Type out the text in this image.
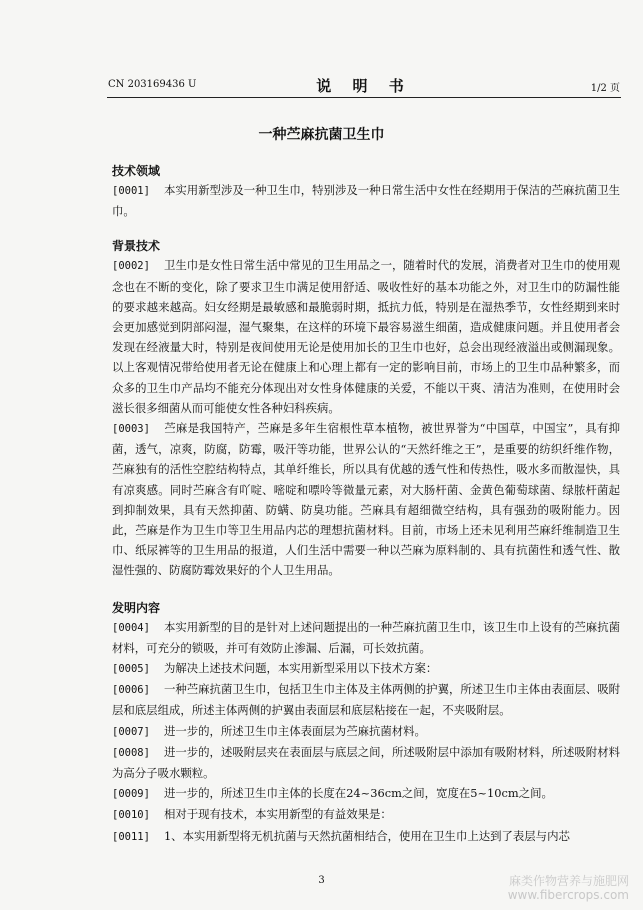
CN 203169436 U	说 明 书	1/2 页
一种苎麻抗菌卫生巾
技术领域

[0001] 本实用新型涉及一种卫生巾，特别涉及一种日常生活中女性在经期用于保洁的苎麻抗菌卫生巾。

背景技术

[0002] 卫生巾是女性日常生活中常见的卫生用品之一，随着时代的发展，消费者对卫生巾的使用观念也在不断的变化，除了要求卫生巾满足使用舒适、吸收性好的基本功能之外，对卫生巾的防漏性能的要求越来越高。妇女经期是最敏感和最脆弱时期，抵抗力低，特别是在湿热季节，女性经期到来时会更加感觉到阴部闷湿，湿气聚集，在这样的环境下最容易滋生细菌，造成健康问题。并且使用者会发现在经液量大时，特别是夜间使用无论是使用加长的卫生巾也好，总会出现经液溢出或侧漏现象。以上客观情况带给使用者无论在健康上和心理上都有一定的影响目前，市场上的卫生巾品种繁多，而众多的卫生巾产品均不能充分体现出对女性身体健康的关爱，不能以干爽、清洁为准则，在使用时会滋长很多细菌从而可能使女性各种妇科疾病。

[0003] 苎麻是我国特产，苎麻是多年生宿根性草本植物，被世界誉为“中国草，中国宝”，具有抑菌，透气，凉爽，防腐，防霉，吸汗等功能，世界公认的“天然纤维之王”，是重要的纺织纤维作物，苎麻独有的活性空腔结构特点，其单纤维长，所以具有优越的透气性和传热性，吸水多而散湿快，具有凉爽感。同时苎麻含有吖啶、嘧啶和嘌呤等微量元素，对大肠杆菌、金黄色葡萄球菌、绿脓杆菌起到抑制效果，具有天然抑菌、防螨、防臭功能。苎麻具有超细微空结构，具有强劲的吸附能力。因此，苎麻是作为卫生巾等卫生用品内芯的理想抗菌材料。目前，市场上还未见利用苎麻纤维制造卫生巾、纸尿裤等的卫生用品的报道，人们生活中需要一种以苎麻为原料制的、具有抗菌性和透气性、散湿性强的、防腐防霉效果好的个人卫生用品。

发明内容

[0004] 本实用新型的目的是针对上述问题提出的一种苎麻抗菌卫生巾，该卫生巾上设有的苎麻抗菌材料，可充分的锁吸，并可有效防止渗漏、后漏，可长效抗菌。

[0005] 为解决上述技术问题，本实用新型采用以下技术方案：

[0006] 一种苎麻抗菌卫生巾，包括卫生巾主体及主体两侧的护翼，所述卫生巾主体由表面层、吸附层和底层组成，所述主体两侧的护翼由表面层和底层粘接在一起，不夹吸附层。

[0007] 进一步的，所述卫生巾主体表面层为苎麻抗菌材料。

[0008] 进一步的，述吸附层夹在表面层与底层之间，所述吸附层中添加有吸附材料，所述吸附材料为高分子吸水颗粒。

[0009] 进一步的，所述卫生巾主体的长度在24~36cm之间，宽度在5~10cm之间。

[0010] 相对于现有技术，本实用新型的有益效果是：

[0011] 1、本实用新型将无机抗菌与天然抗菌相结合，使用在卫生巾上达到了表层与内芯

3	麻类作物营养与施肥网
www.fibercrops.com
